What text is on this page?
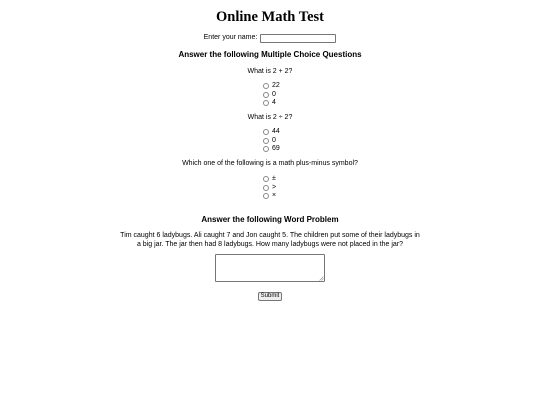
Online Math Test
Enter your name:
Answer the following Multiple Choice Questions
What is 2 + 2?
22
0
4
What is 2 ÷ 2?
44
0
69
Which one of the following is a math plus-minus symbol?
±
>
×
Answer the following Word Problem
Tim caught 6 ladybugs. Ali caught 7 and Jon caught 5. The children put some of their ladybugs in a big jar. The jar then had 8 ladybugs. How many ladybugs were not placed in the jar?
Submit
